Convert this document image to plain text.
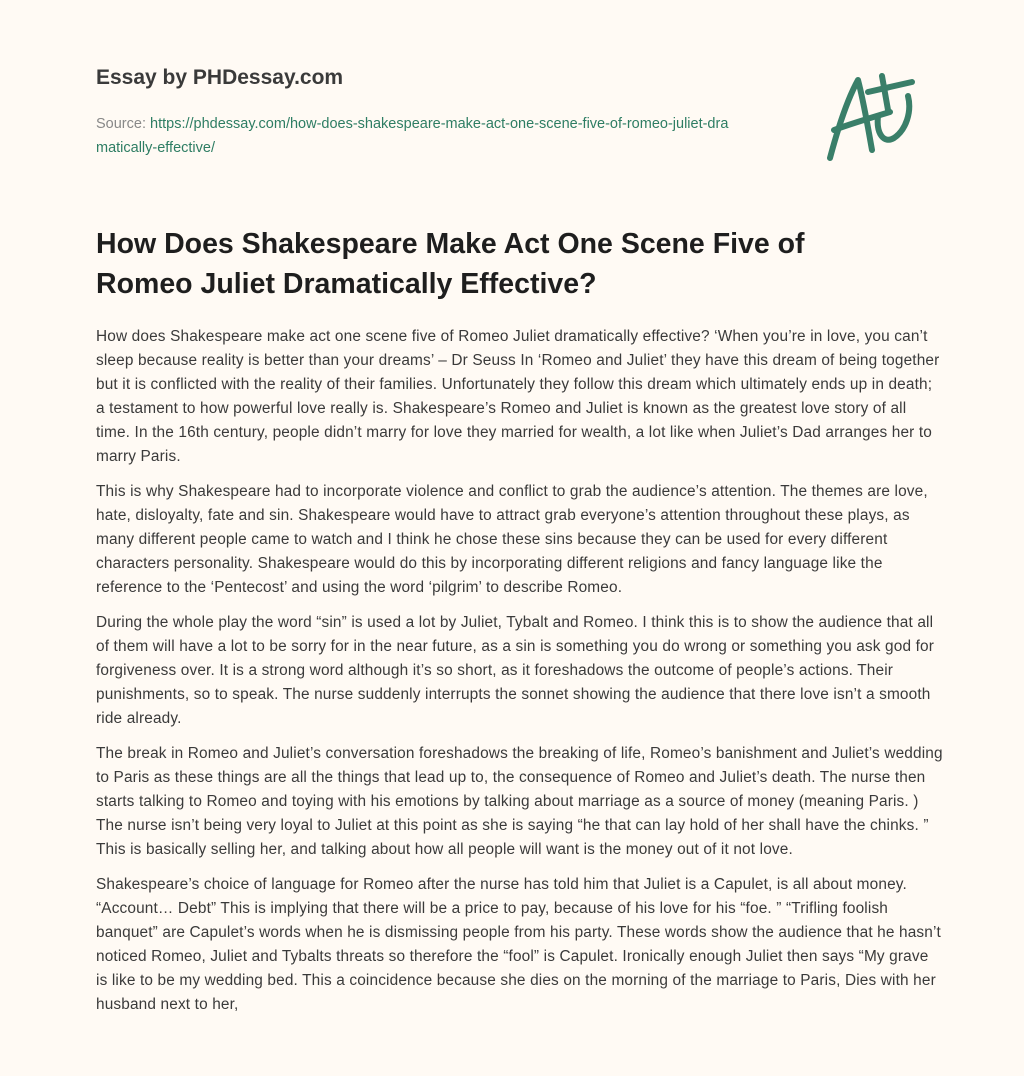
Essay by PHDessay.com
Source: https://phdessay.com/how-does-shakespeare-make-act-one-scene-five-of-romeo-juliet-dramatically-effective/
How Does Shakespeare Make Act One Scene Five of Romeo Juliet Dramatically Effective?

How does Shakespeare make act one scene five of Romeo Juliet dramatically effective? ‘When you’re in love, you can’t sleep because reality is better than your dreams’ – Dr Seuss In ‘Romeo and Juliet’ they have this dream of being together but it is conflicted with the reality of their families. Unfortunately they follow this dream which ultimately ends up in death; a testament to how powerful love really is. Shakespeare’s Romeo and Juliet is known as the greatest love story of all time. In the 16th century, people didn’t marry for love they married for wealth, a lot like when Juliet’s Dad arranges her to marry Paris.

This is why Shakespeare had to incorporate violence and conflict to grab the audience’s attention. The themes are love, hate, disloyalty, fate and sin. Shakespeare would have to attract grab everyone’s attention throughout these plays, as many different people came to watch and I think he chose these sins because they can be used for every different characters personality. Shakespeare would do this by incorporating different religions and fancy language like the reference to the ‘Pentecost’ and using the word ‘pilgrim’ to describe Romeo.

During the whole play the word “sin” is used a lot by Juliet, Tybalt and Romeo. I think this is to show the audience that all of them will have a lot to be sorry for in the near future, as a sin is something you do wrong or something you ask god for forgiveness over. It is a strong word although it’s so short, as it foreshadows the outcome of people’s actions. Their punishments, so to speak. The nurse suddenly interrupts the sonnet showing the audience that there love isn’t a smooth ride already.

The break in Romeo and Juliet’s conversation foreshadows the breaking of life, Romeo’s banishment and Juliet’s wedding to Paris as these things are all the things that lead up to, the consequence of Romeo and Juliet’s death. The nurse then starts talking to Romeo and toying with his emotions by talking about marriage as a source of money (meaning Paris. ) The nurse isn’t being very loyal to Juliet at this point as she is saying “he that can lay hold of her shall have the chinks. ” This is basically selling her, and talking about how all people will want is the money out of it not love.

Shakespeare’s choice of language for Romeo after the nurse has told him that Juliet is a Capulet, is all about money. “Account… Debt” This is implying that there will be a price to pay, because of his love for his “foe. ” “Trifling foolish banquet” are Capulet’s words when he is dismissing people from his party. These words show the audience that he hasn’t noticed Romeo, Juliet and Tybalts threats so therefore the “fool” is Capulet. Ironically enough Juliet then says “My grave is like to be my wedding bed. This a coincidence because she dies on the morning of the marriage to Paris, Dies with her husband next to her,
